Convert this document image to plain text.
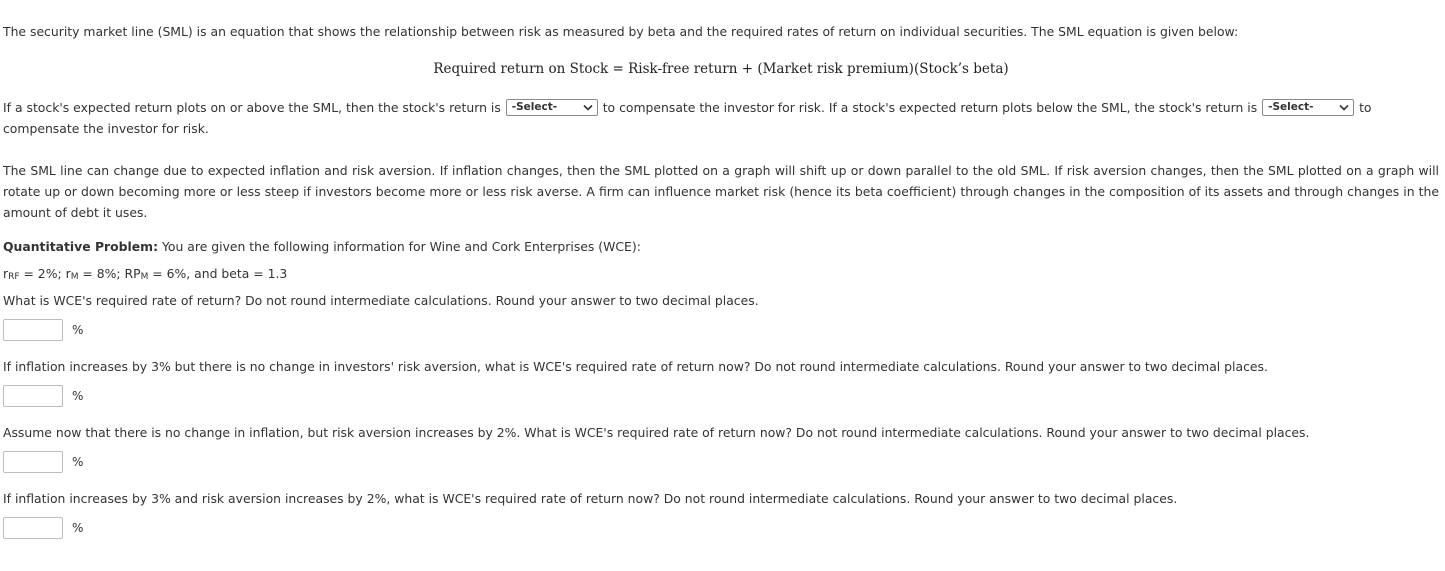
The security market line (SML) is an equation that shows the relationship between risk as measured by beta and the required rates of return on individual securities. The SML equation is given below:
Required return on Stock = Risk-free return + (Market risk premium)(Stock’s beta)
If a stock's expected return plots on or above the SML, then the stock's return is -Select-	to compensate the investor for risk. If a stock's expected return plots below the SML, the stock's return is -Select-	to compensate the investor for risk.
The SML line can change due to expected inflation and risk aversion. If inflation changes, then the SML plotted on a graph will shift up or down parallel to the old SML. If risk aversion changes, then the SML plotted on a graph will rotate up or down becoming more or less steep if investors become more or less risk averse. A firm can influence market risk (hence its beta coefficient) through changes in the composition of its assets and through changes in the amount of debt it uses.
Quantitative Problem: You are given the following information for Wine and Cork Enterprises (WCE):
$r_{RF} = 2\%$; $r_M = 8\%$; $RP_M = 6\%$, and beta = 1.3
What is WCE's required rate of return? Do not round intermediate calculations. Round your answer to two decimal places.
%
If inflation increases by 3% but there is no change in investors' risk aversion, what is WCE's required rate of return now? Do not round intermediate calculations. Round your answer to two decimal places.
%
Assume now that there is no change in inflation, but risk aversion increases by 2%. What is WCE's required rate of return now? Do not round intermediate calculations. Round your answer to two decimal places.
%
If inflation increases by 3% and risk aversion increases by 2%, what is WCE's required rate of return now? Do not round intermediate calculations. Round your answer to two decimal places.
%
